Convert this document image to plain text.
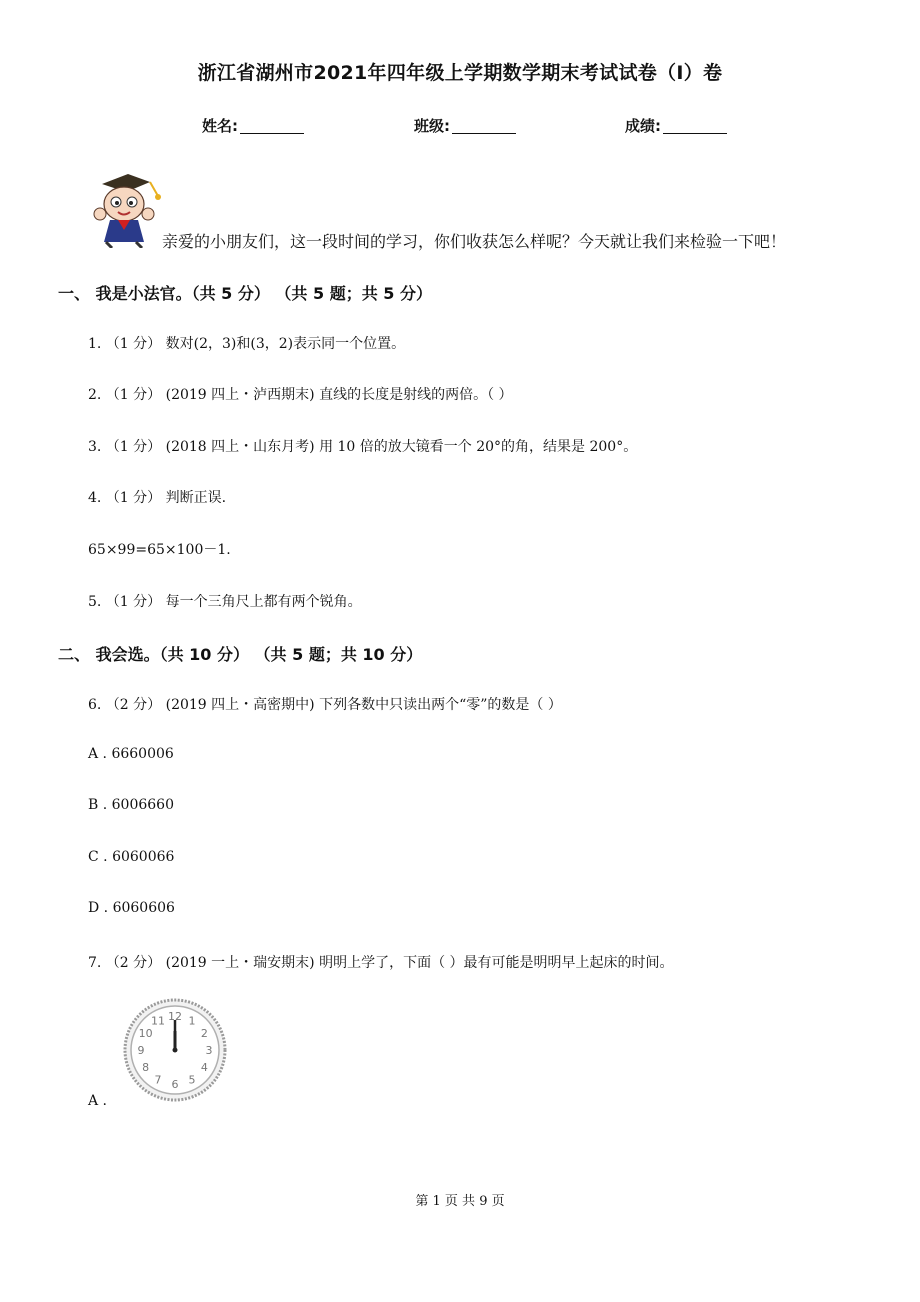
浙江省湖州市2021年四年级上学期数学期末考试试卷（I）卷
姓名:	班级:	成绩:
亲爱的小朋友们，这一段时间的学习，你们收获怎么样呢？今天就让我们来检验一下吧！
一、 我是小法官。（共 5 分） （共 5 题；共 5 分）
1. （1 分） 数对(2，3)和(3，2)表示同一个位置。
2. （1 分） (2019 四上・泸西期末) 直线的长度是射线的两倍。（ ）
3. （1 分） (2018 四上・山东月考) 用 10 倍的放大镜看一个 20°的角，结果是 200°。
4. （1 分） 判断正误.
65×99=65×100－1.
5. （1 分） 每一个三角尺上都有两个锐角。
二、 我会选。（共 10 分） （共 5 题；共 10 分）
6. （2 分） (2019 四上・高密期中) 下列各数中只读出两个“零”的数是（ ）
A . 6660006
B . 6006660
C . 6060066
D . 6060606
7. （2 分） (2019 一上・瑞安期末) 明明上学了，下面（ ）最有可能是明明早上起床的时间。
12 1
2
3
4
5
6
7
8
9
10
11
A .
第 1 页 共 9 页
